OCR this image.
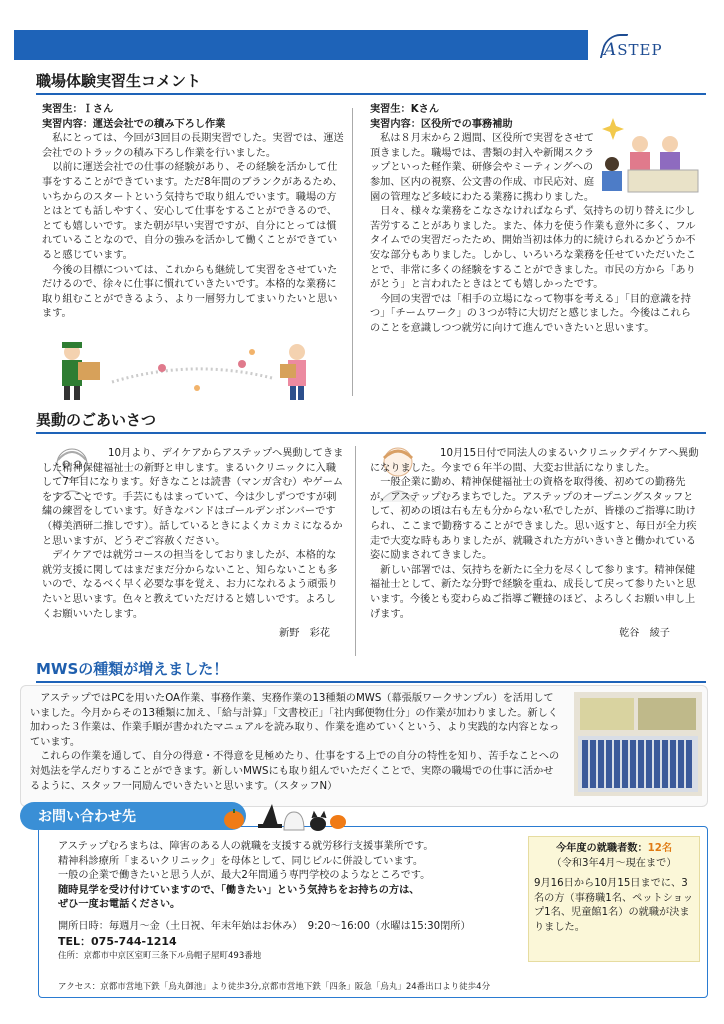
ASTEP
職場体験実習生コメント
実習生：Ｉさん
実習内容：運送会社での積み下ろし作業

私にとっては、今回が3回目の長期実習でした。実習では、運送会社でのトラックの積み下ろし作業を行いました。

以前に運送会社での仕事の経験があり、その経験を活かして仕事をすることができています。ただ8年間のブランクがあるため、いちからのスタートという気持ちで取り組んでいます。職場の方とはとても話しやすく、安心して仕事をすることができるので、とても嬉しいです。また朝が早い実習ですが、自分にとっては慣れていることなので、自分の強みを活かして働くことができていると感じています。

今後の目標については、これからも継続して実習をさせていただけるので、徐々に仕事に慣れていきたいです。本格的な業務に取り組むことができるよう、より一層努力してまいりたいと思います。

実習生：Kさん
実習内容：区役所での事務補助

私は８月末から２週間、区役所で実習をさせて頂きました。職場では、書類の封入や新聞スクラップといった軽作業、研修会やミーティングへの参加、区内の視察、公文書の作成、市民応対、庭園の管理など多岐にわたる業務に携わりました。

日々、様々な業務をこなさなければならず、気持ちの切り替えに少し苦労することがありました。また、体力を使う作業も意外に多く、フルタイムでの実習だったため、開始当初は体力的に続けられるかどうか不安な部分もありました。しかし、いろいろな業務を任せていただいたことで、非常に多くの経験をすることができました。市民の方から「ありがとう」と言われたときはとても嬉しかったです。

今回の実習では「相手の立場になって物事を考える」「目的意識を持つ」「チームワーク」の３つが特に大切だと感じました。今後はこれらのことを意識しつつ就労に向けて進んでいきたいと思います。

異動のごあいさつ

10月より、デイケアからアステップへ異動してきました精神保健福祉士の新野と申します。まるいクリニックに入職して7年目になります。好きなことは読書（マンガ含む）やゲームをすることです。手芸にもはまっていて、今は少しずつですが刺繍の練習をしています。好きなバンドはゴールデンボンバーです（樽美酒研二推しです）。話しているときによくカミカミになるかと思いますが、どうぞご容赦ください。

デイケアでは就労コースの担当をしておりましたが、本格的な就労支援に関してはまだまだ分からないこと、知らないことも多いので、なるべく早く必要な事を覚え、お力になれるよう頑張りたいと思います。色々と教えていただけると嬉しいです。よろしくお願いいたします。

新野　彩花

10月15日付で同法人のまるいクリニックデイケアへ異動になりました。今まで６年半の間、大変お世話になりました。

一般企業に勤め、精神保健福祉士の資格を取得後、初めての勤務先が、アステップむろまちでした。アステップのオープニングスタッフとして、初めの頃は右も左も分からない私でしたが、皆様のご指導に助けられ、ここまで勤務することができました。思い返すと、毎日が全力疾走で大変な時もありましたが、就職された方がいきいきと働かれている姿に励まされてきました。

新しい部署では、気持ちを新たに全力を尽くして参ります。精神保健福祉士として、新たな分野で経験を重ね、成長して戻って参りたいと思います。今後とも変わらぬご指導ご鞭撻のほど、よろしくお願い申し上げます。

乾谷　綾子
MWSの種類が増えました！

アステップではPCを用いたOA作業、事務作業、実務作業の13種類のMWS（幕張版ワークサンプル）を活用していました。今月からその13種類に加え、「給与計算」「文書校正」「社内郵便物仕分」の作業が加わりました。新しく加わった３作業は、作業手順が書かれたマニュアルを読み取り、作業を進めていくという、より実践的な内容となっています。

これらの作業を通して、自分の得意・不得意を見極めたり、仕事をする上での自分の特性を知り、苦手なことへの対処法を学んだりすることができます。新しいMWSにも取り組んでいただくことで、実際の職場での仕事に活かせるように、スタッフ一同励んでいきたいと思います。（スタッフN）

お問い合わせ先

アステップむろまちは、障害のある人の就職を支援する就労移行支援事業所です。

精神科診療所「まるいクリニック」を母体として、同じビルに併設しています。

一般の企業で働きたいと思う人が、最大2年間通う専門学校のようなところです。

随時見学を受け付けていますので、「働きたい」という気持ちをお持ちの方は、

ぜひ一度お電話ください。

開所日時：毎週月～金（土日祝、年末年始はお休み）　9:20～16:00（水曜は15:30閉所）

TEL：075-744-1214

住所：京都市中京区室町三条下ル烏帽子屋町493番地

アクセス：京都市営地下鉄「烏丸御池」より徒歩3分,京都市営地下鉄「四条」阪急「烏丸」24番出口より徒歩4分
今年度の就職者数：12名
（令和3年4月～現在まで）
9月16日から10月15日までに、3名の方（事務職1名、ペットショップ1名、児童館1名）の就職が決まりました。
